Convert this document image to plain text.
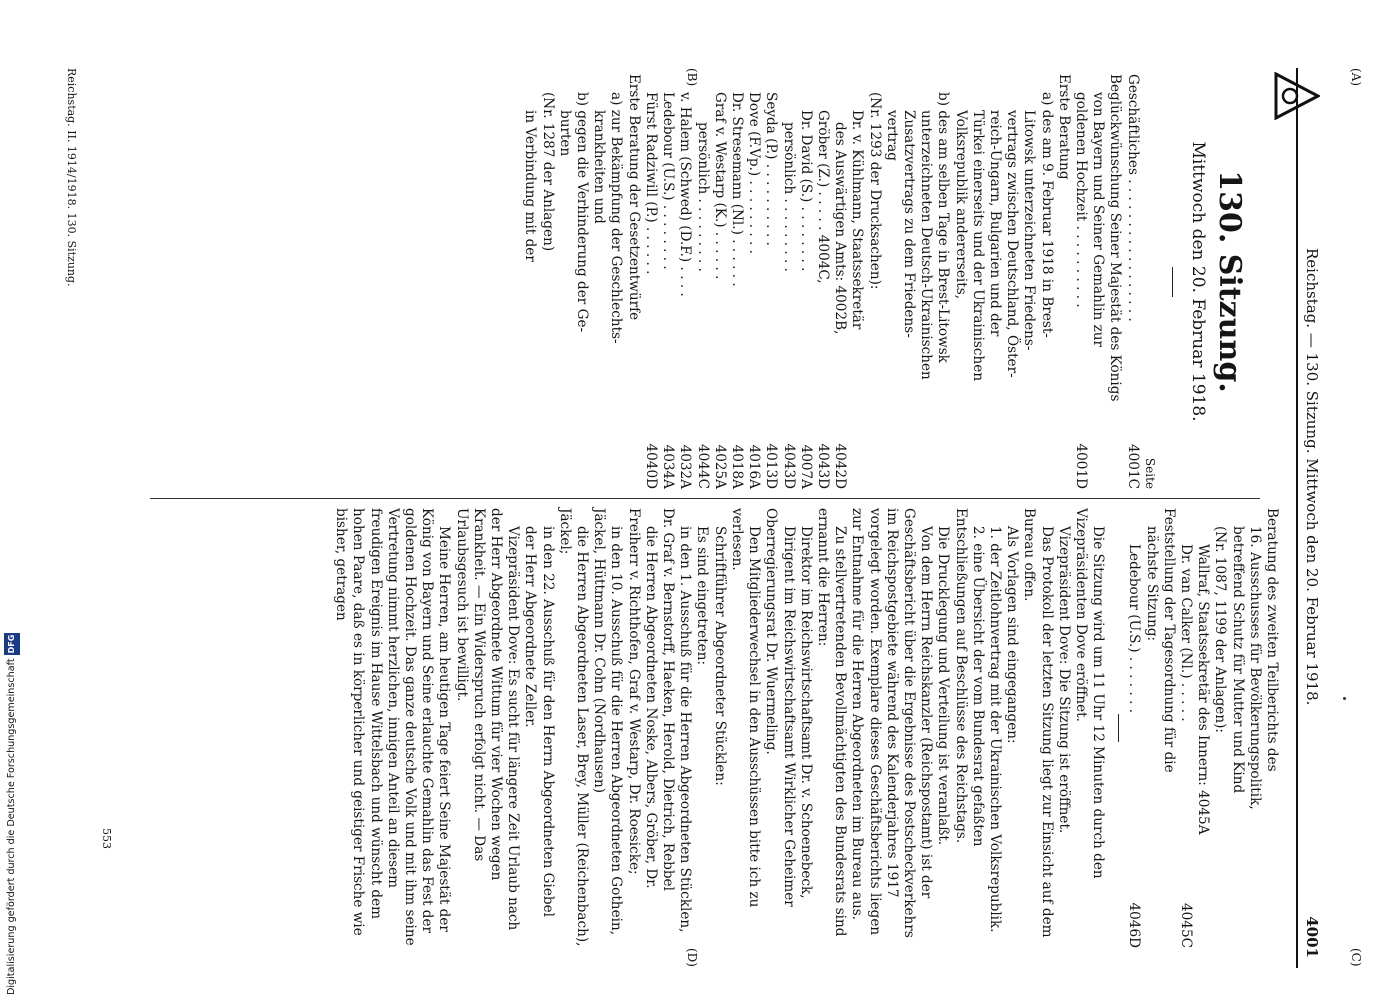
Reichstag. — 130. Sitzung. Mittwoch den 20. Februar 1918.
4001
(A)
(B)
(C)
(D)
130. Sitzung.
Mittwoch den 20. Februar 1918.
Seite
Geschäftliches . . . . . . . . . . . . . . . . .
4001C
Beglückwünschung Seiner Majestät des Königs
von Bayern und Seiner Gemahlin zur
goldenen Hochzeit . . . . . . . . . .
4001D
Erste Beratung
a) des am 9. Februar 1918 in Brest-
Litowsk unterzeichneten Friedens-
vertrags zwischen Deutschland, Öster-
reich-Ungarn, Bulgarien und der
Türkei einerseits und der Ukrainischen
Volksrepublik andererseits,
b) des am selben Tage in Brest-Litowsk
unterzeichneten Deutsch-Ukrainischen
Zusatzvertrags zu dem Friedens-
vertrag
(Nr. 1293 der Drucksachen):
Dr. v. Kühlmann, Staatssekretär
des Auswärtigen Amts: 4002B,
4042D
Gröber (Z.) . . . . . 4004C,
4043D
Dr. David (S.) . . . . . . . .
4007A
persönlich . . . . . . . . .
4043D
Seyda (P.) . . . . . . . . . .
4013D
Dove (F.Vp.) . . . . . . . . .
4016A
Dr. Stresemann (Nl.) . . . . . .
4018A
Graf v. Westarp (K.) . . . . . .
4025A
persönlich . . . . . . . . .
4044C
v. Halem (Schwed) (D.F.) . . . .
4032A
Ledebour (U.S.) . . . . . . . .
4034A
Fürst Radziwill (P.) . . . . . .
4040D
Erste Beratung der Gesetzentwürfe
a) zur Bekämpfung der Geschlechts-
krankheiten und
b) gegen die Verhinderung der Ge-
burten
(Nr. 1287 der Anlagen)
in Verbindung mit der
Beratung des zweiten Teilberichts des
16. Ausschusses für Bevölkerungspolitik,
betreffend Schutz für Mutter und Kind
(Nr. 1087, 1199 der Anlagen):
Wallraf, Staatssekretär des Innern: 4045A
Dr. van Calker (Nl.) . . . . .
4045C
Feststellung der Tagesordnung für die
nächste Sitzung:
Ledebour (U.S.) . . . . . . .
4046D
Die Sitzung wird um 11 Uhr 12 Minuten durch den Vizepräsidenten Dove eröffnet.
Vizepräsident Dove: Die Sitzung ist eröffnet.
Das Protokoll der letzten Sitzung liegt zur Einsicht auf dem Bureau offen.
Als Vorlagen sind eingegangen:
1. der Zeitlohnvertrag mit der Ukrainischen Volksrepublik.
2. eine Übersicht der vom Bundesrat gefaßten Entschließungen auf Beschlüsse des Reichstags.
Die Drucklegung und Verteilung ist veranlaßt.
Von dem Herrn Reichskanzler (Reichspostamt) ist der Geschäftsbericht über die Ergebnisse des Postscheckverkehrs im Reichspostgebiete während des Kalenderjahres 1917 vorgelegt worden. Exemplare dieses Geschäftsberichts liegen zur Entnahme für die Herren Abgeordneten im Bureau aus.
Zu stellvertretenden Bevollmächtigten des Bundesrats sind ernannt die Herren:
Direktor im Reichswirtschaftsamt Dr. v. Schoenebeck,
Dirigent im Reichswirtschaftsamt Wirklicher Geheimer Oberregierungsrat Dr. Wuermeling.
Den Mitgliederwechsel in den Ausschüssen bitte ich zu verlesen.
Schriftführer Abgeordneter Stücklen:
Es sind eingetreten:
in den 1. Ausschuß für die Herren Abgeordneten Stücklen, Dr. Graf v. Bernstorff, Haeken, Herold, Dietrich, Rebbel
die Herren Abgeordneten Noske, Albers, Gröber, Dr. Freiherr v. Richthofen, Graf v. Westarp, Dr. Roesicke;
in den 10. Ausschuß für die Herren Abgeordneten Gothein, Jäckel, Hüttmann Dr. Cohn (Nordhausen)
die Herren Abgeordneten Laser, Brey, Müller (Reichenbach), Jäckel;
in den 22. Ausschuß für den Herrn Abgeordneten Giebel
der Herr Abgeordnete Zeller.
Vizepräsident Dove: Es sucht für längere Zeit Urlaub nach der Herr Abgeordnete Wittum für vier Wochen wegen Krankheit. — Ein Widerspruch erfolgt nicht. — Das Urlaubsgesuch ist bewilligt.
Meine Herren, am heutigen Tage feiert Seine Majestät der König von Bayern und Seine erlauchte Gemahlin das Fest der goldenen Hochzeit. Das ganze deutsche Volk und mit ihm seine Vertretung nimmt herzlichen, innigen Anteil an diesem freudigen Ereignis im Hause Wittelsbach und wünscht dem hohen Paare, daß es in körperlicher und geistiger Frische wie bisher, getragen
Reichstag. II. 1914/1918. 130. Sitzung.
553
Digitalisierung gefördert durch die Deutsche ForschungsgemeinschaftDFG
